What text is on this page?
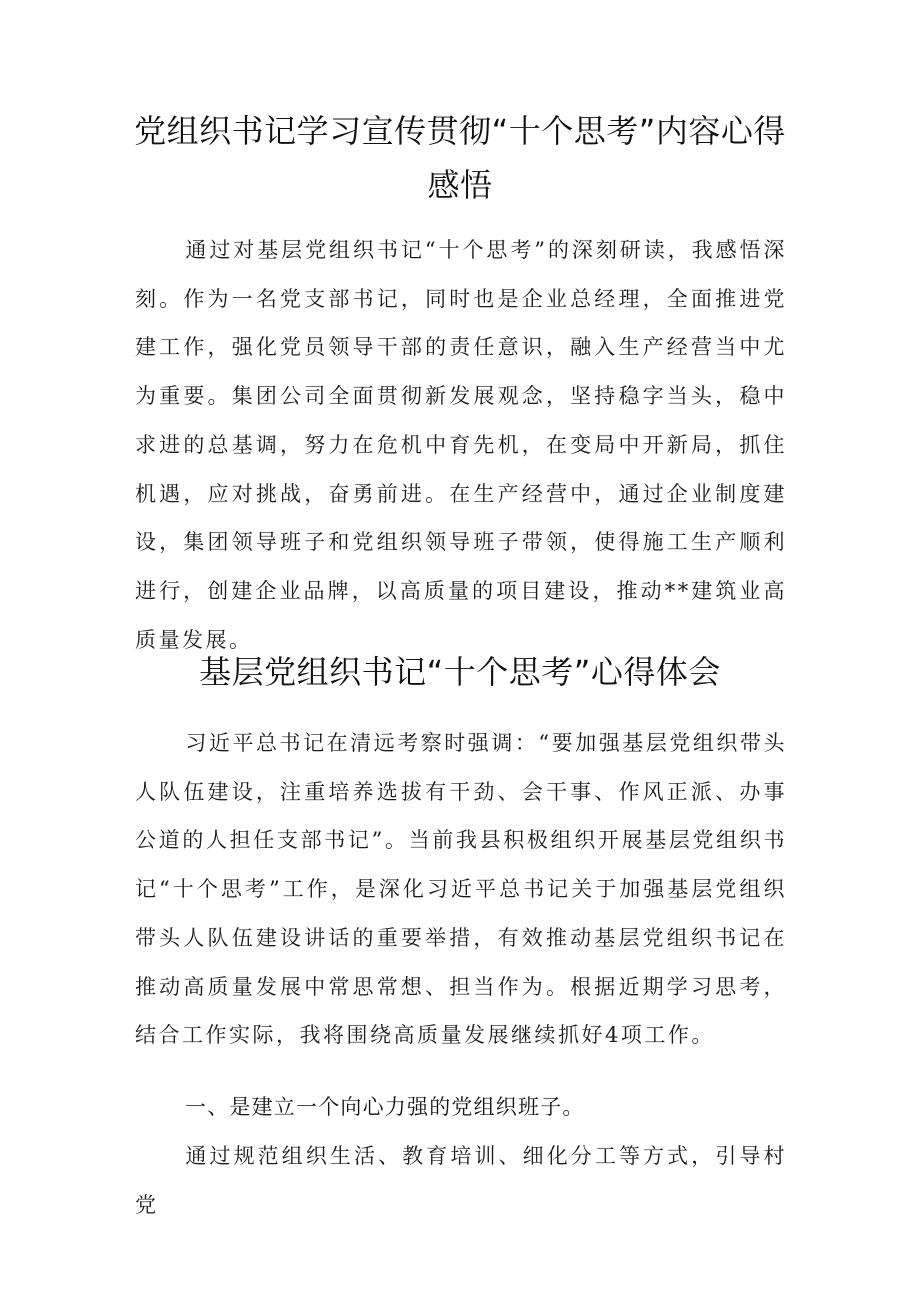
党组织书记学习宣传贯彻“十个思考”内容心得感悟

通过对基层党组织书记“十个思考”的深刻研读，我感悟深刻。作为一名党支部书记，同时也是企业总经理，全面推进党建工作，强化党员领导干部的责任意识，融入生产经营当中尤为重要。集团公司全面贯彻新发展观念，坚持稳字当头，稳中求进的总基调，努力在危机中育先机，在变局中开新局，抓住机遇，应对挑战，奋勇前进。在生产经营中，通过企业制度建设，集团领导班子和党组织领导班子带领，使得施工生产顺利进行，创建企业品牌，以高质量的项目建设，推动**建筑业高质量发展。

基层党组织书记“十个思考”心得体会

习近平总书记在清远考察时强调：“要加强基层党组织带头人队伍建设，注重培养选拔有干劲、会干事、作风正派、办事公道的人担任支部书记”。当前我县积极组织开展基层党组织书记“十个思考”工作，是深化习近平总书记关于加强基层党组织带头人队伍建设讲话的重要举措，有效推动基层党组织书记在推动高质量发展中常思常想、担当作为。根据近期学习思考，结合工作实际，我将围绕高质量发展继续抓好4项工作。

一、是建立一个向心力强的党组织班子。

通过规范组织生活、教育培训、细化分工等方式，引导村党
